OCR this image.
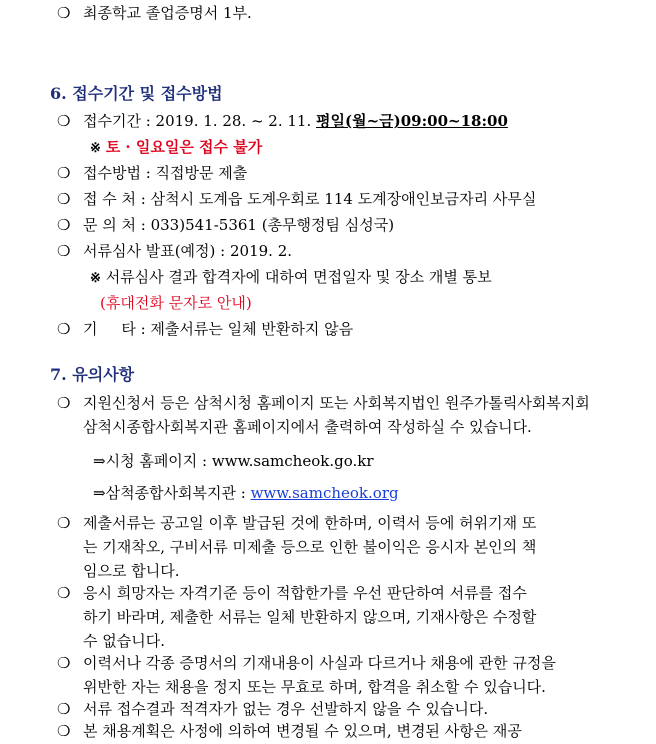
❍ 최종학교 졸업증명서 1부.
6. 접수기간 및 접수방법
❍ 접수기간 : 2019. 1. 28. ~ 2. 11. 평일(월~금)09:00~18:00
※ 토 · 일요일은 접수 불가
❍ 접수방법 : 직접방문 제출
❍ 접 수 처 : 삼척시 도계읍 도계우회로 114 도계장애인보금자리 사무실
❍ 문 의 처 : 033)541-5361 (총무행정팀 심성국)
❍ 서류심사 발표(예정) : 2019. 2.
※ 서류심사 결과 합격자에 대하여 면접일자 및 장소 개별 통보
(휴대전화 문자로 안내)
❍ 기     타 : 제출서류는 일체 반환하지 않음
7. 유의사항
❍ 지원신청서 등은 삼척시청 홈페이지 또는 사회복지법인 원주가톨릭사회복지회
삼척시종합사회복지관 홈페이지에서 출력하여 작성하실 수 있습니다.
⇒시청 홈페이지 : www.samcheok.go.kr
⇒삼척종합사회복지관 : www.samcheok.org
❍ 제출서류는 공고일 이후 발급된 것에 한하며, 이력서 등에 허위기재 또
는 기재착오, 구비서류 미제출 등으로 인한 불이익은 응시자 본인의 책
임으로 합니다.
❍ 응시 희망자는 자격기준 등이 적합한가를 우선 판단하여 서류를 접수
하기 바라며, 제출한 서류는 일체 반환하지 않으며, 기재사항은 수정할
수 없습니다.
❍ 이력서나 각종 증명서의 기재내용이 사실과 다르거나 채용에 관한 규정을
위반한 자는 채용을 정지 또는 무효로 하며, 합격을 취소할 수 있습니다.
❍ 서류 접수결과 적격자가 없는 경우 선발하지 않을 수 있습니다.
❍ 본 채용계획은 사정에 의하여 변경될 수 있으며, 변경된 사항은 재공
